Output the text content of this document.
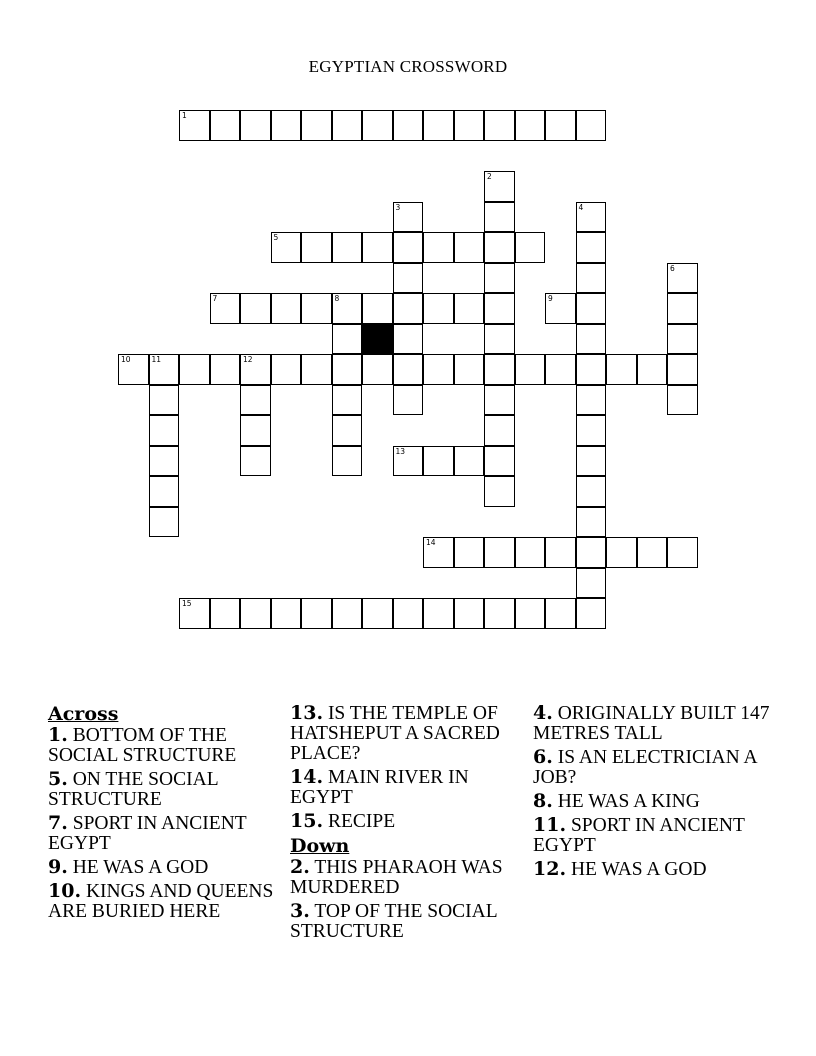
EGYPTIAN CROSSWORD
1
2
3	4
5
6
7	8	9
10	11	12
13
14
15
Across
1. BOTTOM OF THE SOCIAL STRUCTURE
5. ON THE SOCIAL STRUCTURE
7. SPORT IN ANCIENT EGYPT
9. HE WAS A GOD
10. KINGS AND QUEENS ARE BURIED HERE
13. IS THE TEMPLE OF HATSHEPUT A SACRED PLACE?
14. MAIN RIVER IN EGYPT
15. RECIPE
Down
2. THIS PHARAOH WAS MURDERED
3. TOP OF THE SOCIAL STRUCTURE
4. ORIGINALLY BUILT 147 METRES TALL
6. IS AN ELECTRICIAN A JOB?
8. HE WAS A KING
11. SPORT IN ANCIENT EGYPT
12. HE WAS A GOD
